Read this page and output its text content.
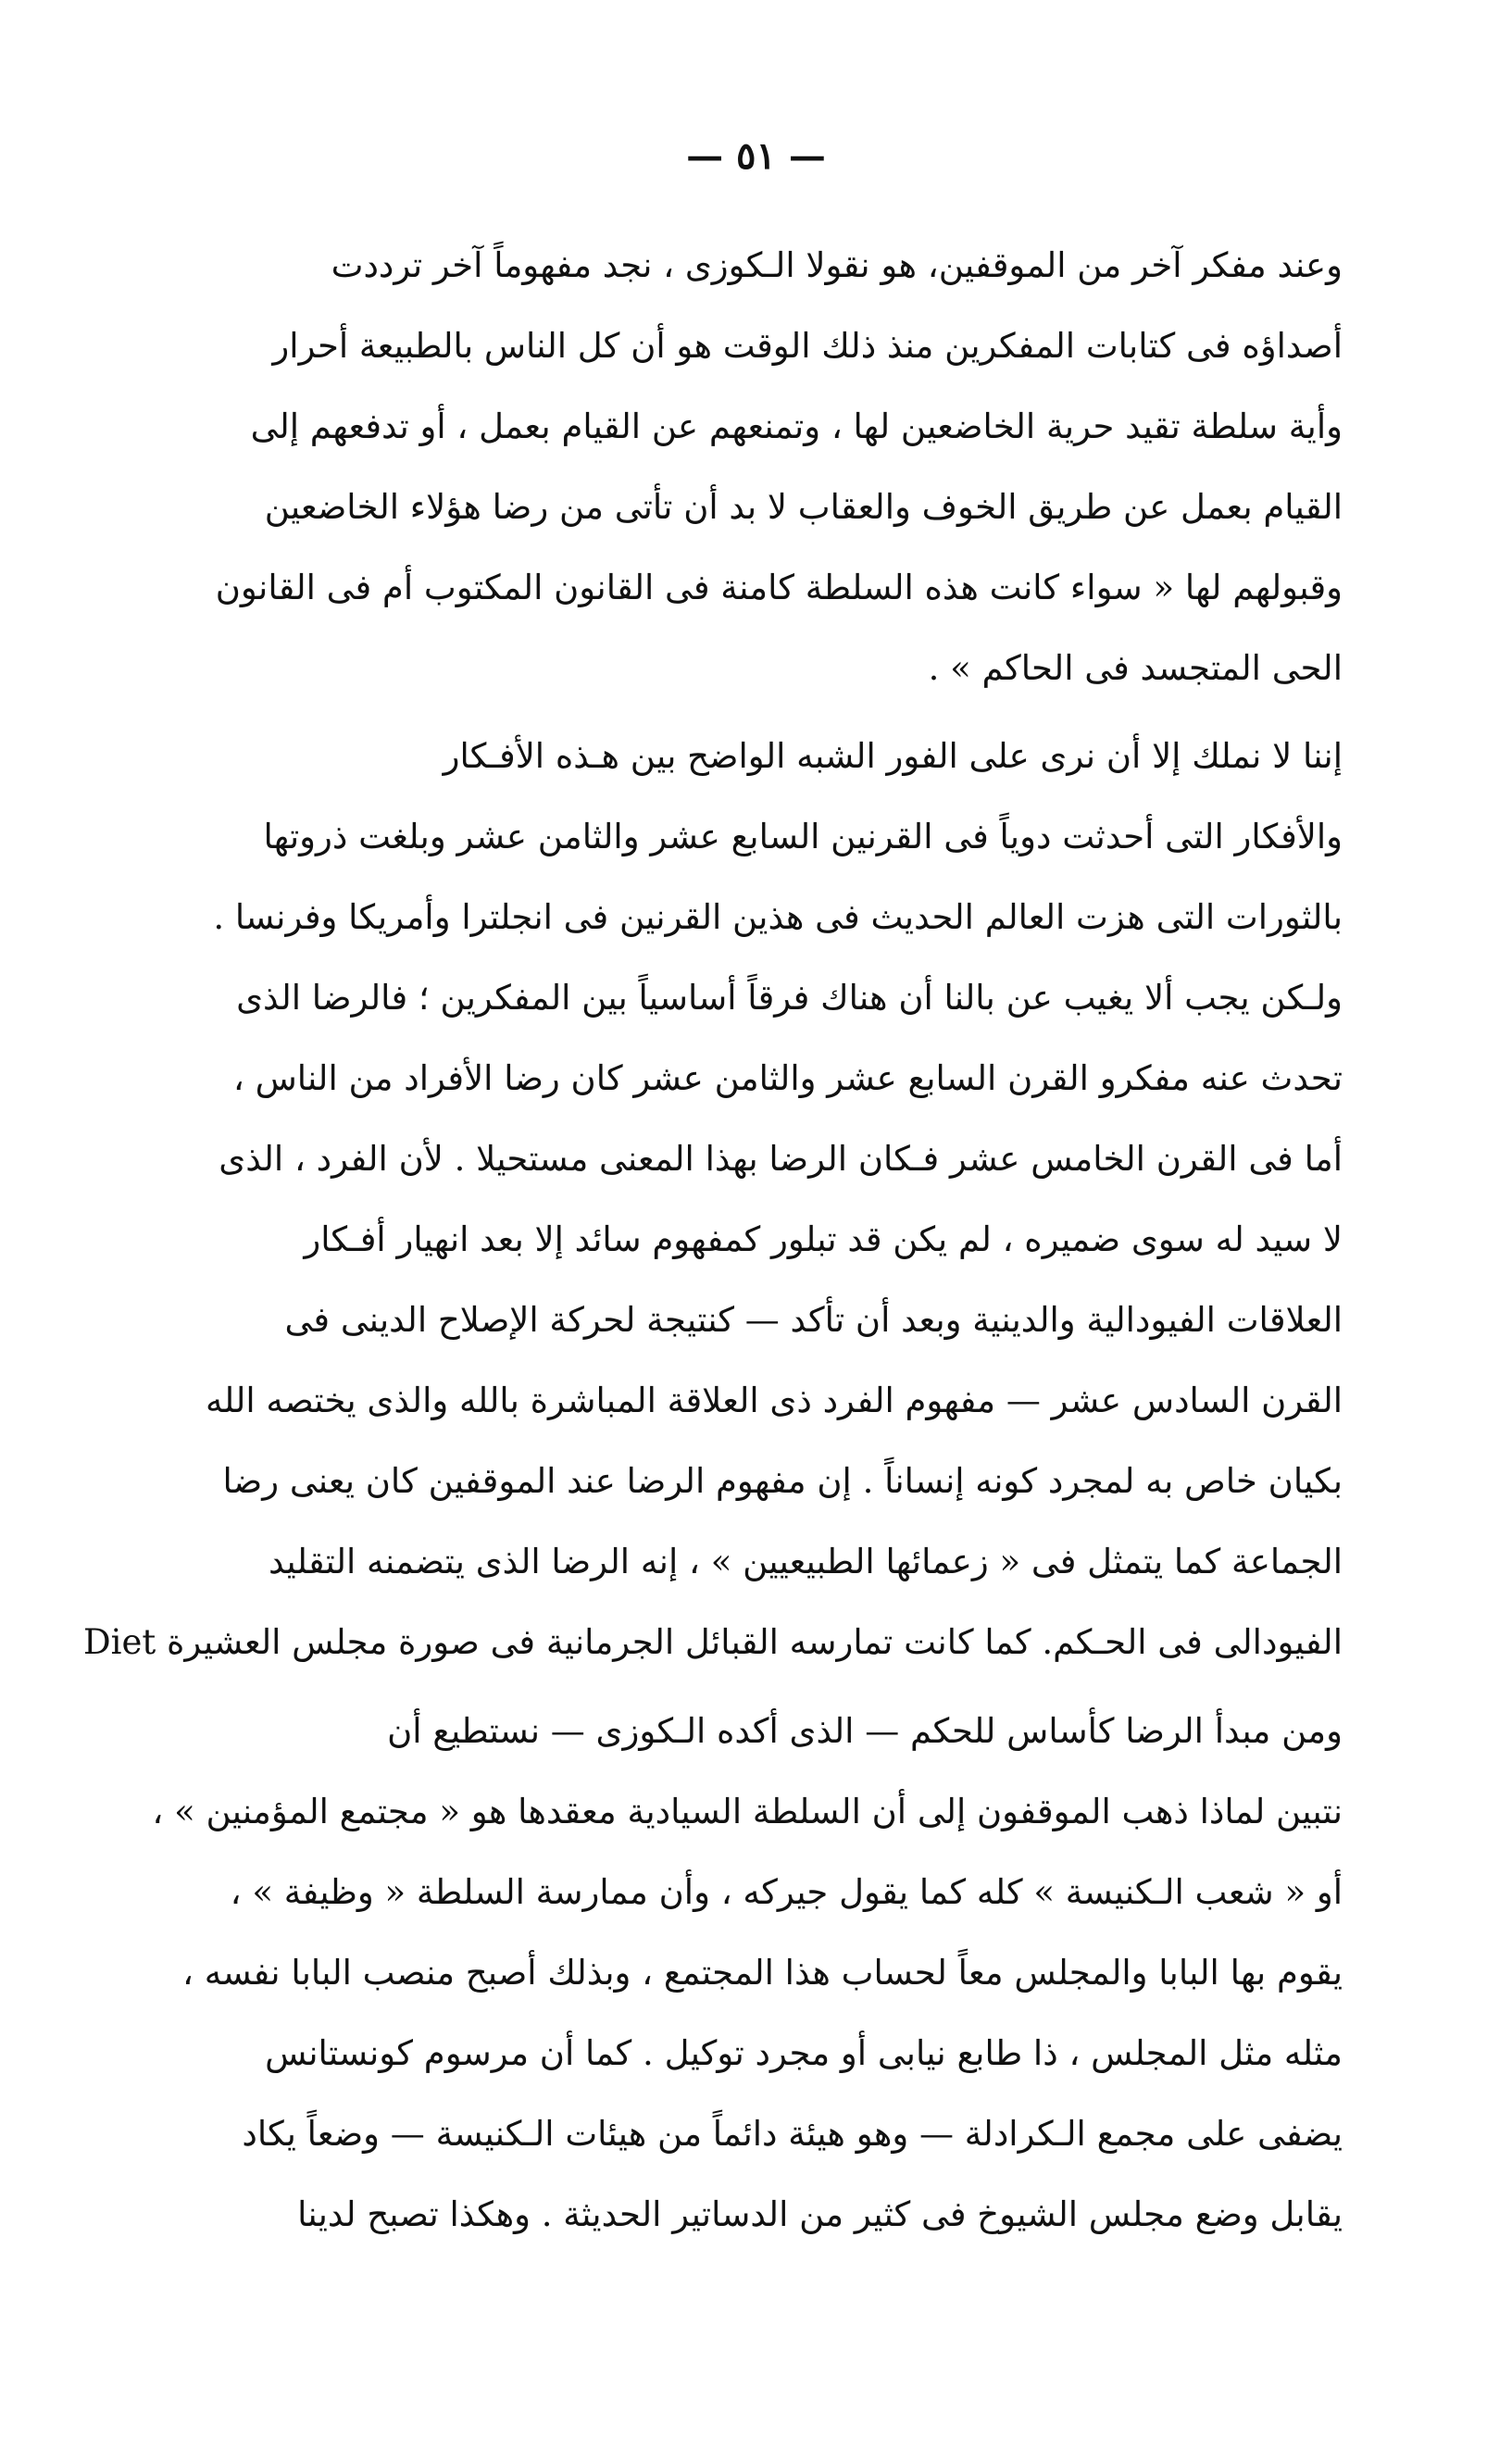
— ٥١ —
وعند مفكر آخر من الموقفين، هو نقولا الـكوزى ، نجد مفهوماً آخر ترددت
أصداؤه فى كتابات المفكرين منذ ذلك الوقت هو أن كل الناس بالطبيعة أحرار
وأية سلطة تقيد حرية الخاضعين لها ، وتمنعهم عن القيام بعمل ، أو تدفعهم إلى
القيام بعمل عن طريق الخوف والعقاب لا بد أن تأتى من رضا هؤلاء الخاضعين
وقبولهم لها « سواء كانت هذه السلطة كامنة فى القانون المكتوب أم فى القانون
الحى المتجسد فى الحاكم » .
إننا لا نملك إلا أن نرى على الفور الشبه الواضح بين هـذه الأفـكار
والأفكار التى أحدثت دوياً فى القرنين السابع عشر والثامن عشر وبلغت ذروتها
بالثورات التى هزت العالم الحديث فى هذين القرنين فى انجلترا وأمريكا وفرنسا .
ولـكن يجب ألا يغيب عن بالنا أن هناك فرقاً أساسياً بين المفكرين ؛ فالرضا الذى
تحدث عنه مفكرو القرن السابع عشر والثامن عشر كان رضا الأفراد من الناس ،
أما فى القرن الخامس عشر فـكان الرضا بهذا المعنى مستحيلا . لأن الفرد ، الذى
لا سيد له سوى ضميره ، لم يكن قد تبلور كمفهوم سائد إلا بعد انهيار أفـكار
العلاقات الفيودالية والدينية وبعد أن تأكد — كنتيجة لحركة الإصلاح الدينى فى
القرن السادس عشر — مفهوم الفرد ذى العلاقة المباشرة بالله والذى يختصه الله
بكيان خاص به لمجرد كونه إنساناً . إن مفهوم الرضا عند الموقفين كان يعنى رضا
الجماعة كما يتمثل فى « زعمائها الطبيعيين » ، إنه الرضا الذى يتضمنه التقليد
الفيودالى فى الحـكم. كما كانت تمارسه القبائل الجرمانية فى صورة مجلس العشيرة Diet
ومن مبدأ الرضا كأساس للحكم — الذى أكده الـكوزى — نستطيع أن
نتبين لماذا ذهب الموقفون إلى أن السلطة السيادية معقدها هو « مجتمع المؤمنين » ،
أو « شعب الـكنيسة » كله كما يقول جيركه ، وأن ممارسة السلطة « وظيفة » ،
يقوم بها البابا والمجلس معاً لحساب هذا المجتمع ، وبذلك أصبح منصب البابا نفسه ،
مثله مثل المجلس ، ذا طابع نيابى أو مجرد توكيل . كما أن مرسوم كونستانس
يضفى على مجمع الـكرادلة — وهو هيئة دائماً من هيئات الـكنيسة — وضعاً يكاد
يقابل وضع مجلس الشيوخ فى كثير من الدساتير الحديثة . وهكذا تصبح لدينا
